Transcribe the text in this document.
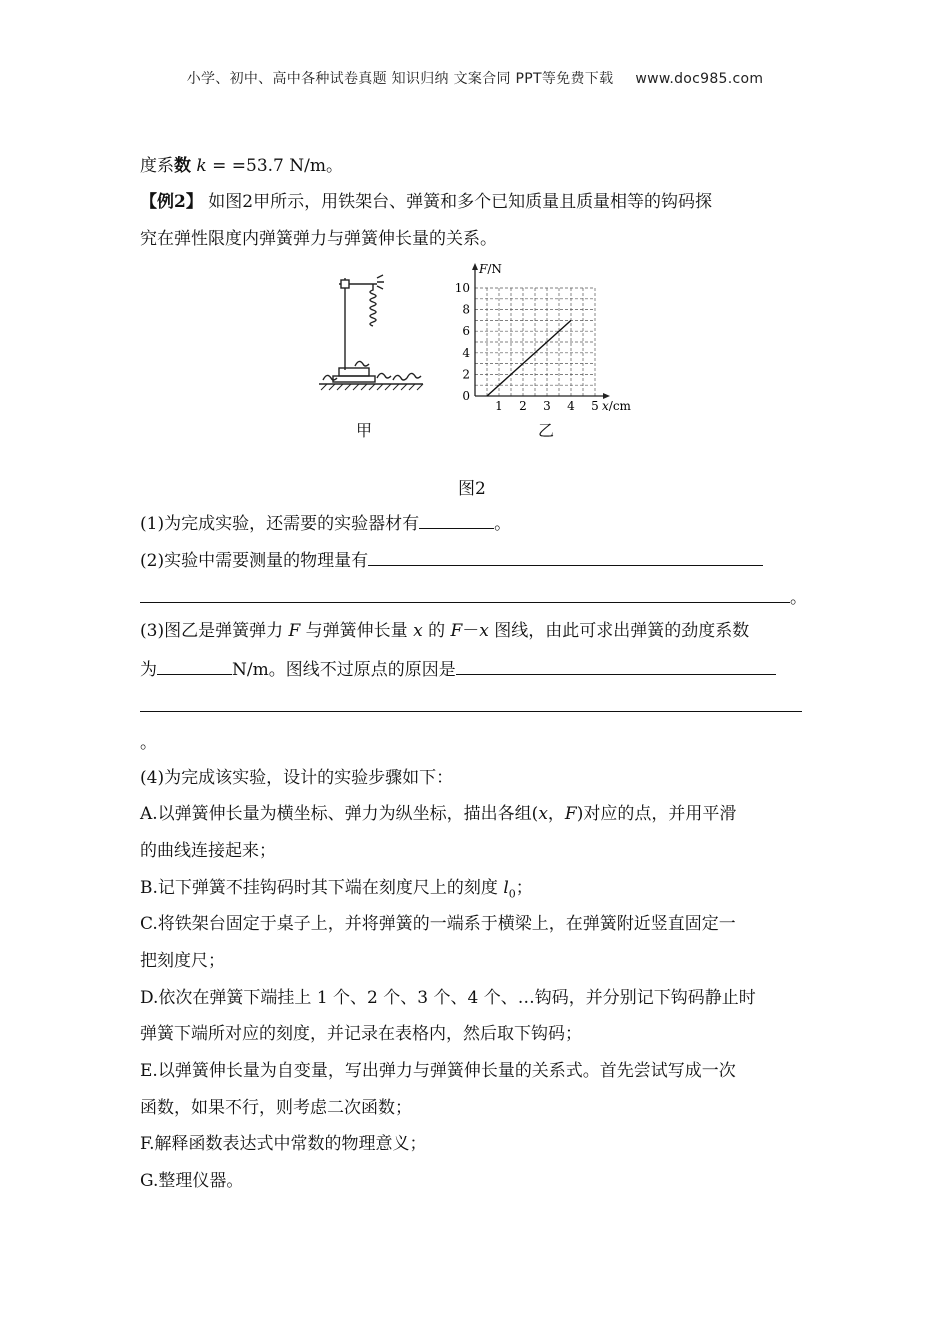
小学、初中、高中各种试卷真题 知识归纳 文案合同 PPT等免费下载 www.doc985.com
度系数 k = =53.7 N/m。
【例2】 如图2甲所示，用铁架台、弹簧和多个已知质量且质量相等的钩码探
究在弹性限度内弹簧弹力与弹簧伸长量的关系。
甲
1 2 3 4 5
0
2
4
6
8
10
F/N
x/cm
乙
图2
(1)为完成实验，还需要的实验器材有	。
(2)实验中需要测量的物理量有
。
(3)图乙是弹簧弹力 F 与弹簧伸长量 x 的 F－x 图线，由此可求出弹簧的劲度系数
为	N/m。图线不过原点的原因是
。
(4)为完成该实验，设计的实验步骤如下：
A.以弹簧伸长量为横坐标、弹力为纵坐标，描出各组(x，F)对应的点，并用平滑
的曲线连接起来；
B.记下弹簧不挂钩码时其下端在刻度尺上的刻度 $l_0$；
C.将铁架台固定于桌子上，并将弹簧的一端系于横梁上，在弹簧附近竖直固定一
把刻度尺；
D.依次在弹簧下端挂上 1 个、2 个、3 个、4 个、…钩码，并分别记下钩码静止时
弹簧下端所对应的刻度，并记录在表格内，然后取下钩码；
E.以弹簧伸长量为自变量，写出弹力与弹簧伸长量的关系式。首先尝试写成一次
函数，如果不行，则考虑二次函数；
F.解释函数表达式中常数的物理意义；
G.整理仪器。
